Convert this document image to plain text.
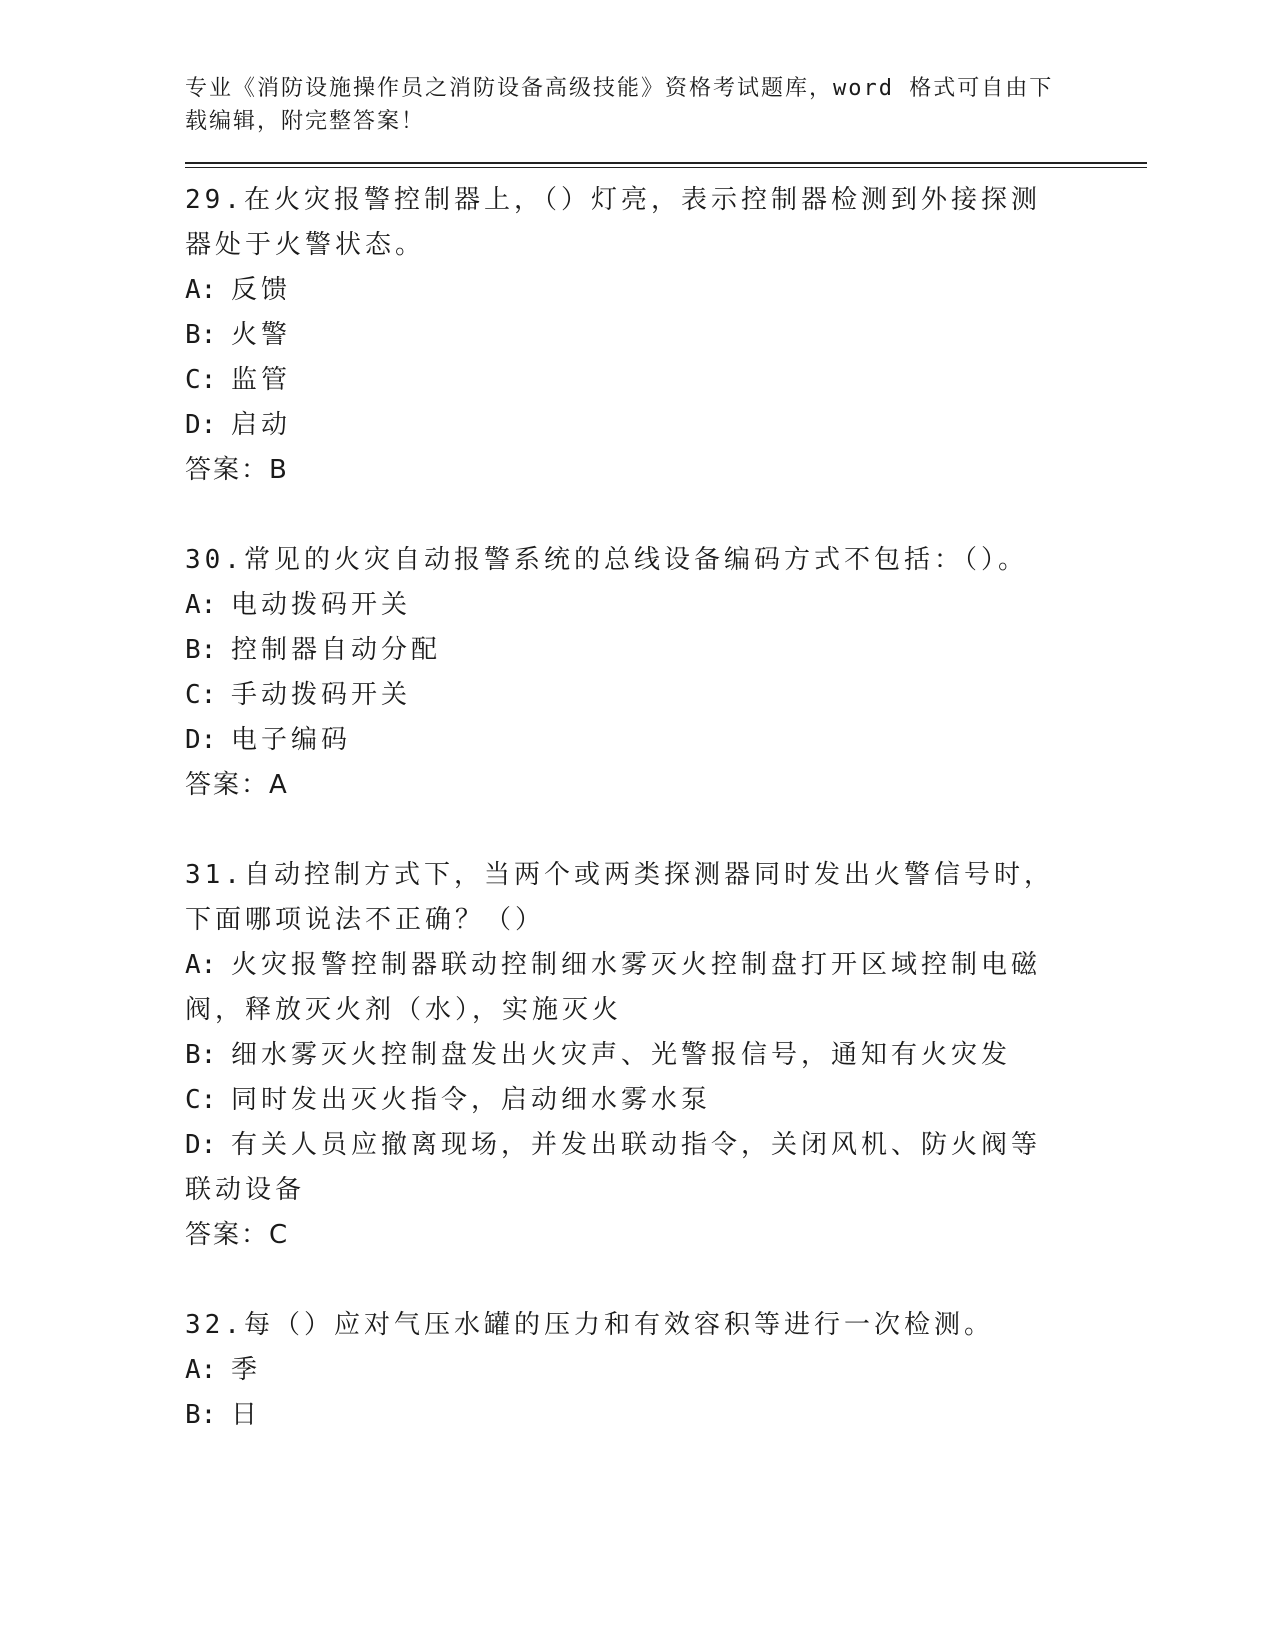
专业《消防设施操作员之消防设备高级技能》资格考试题库，word 格式可自由下
载编辑，附完整答案！

29.在火灾报警控制器上，（）灯亮，表示控制器检测到外接探测器处于火警状态。

A: 反馈

B: 火警

C: 监管

D: 启动

答案：B

30.常见的火灾自动报警系统的总线设备编码方式不包括：（）。

A: 电动拨码开关

B: 控制器自动分配

C: 手动拨码开关

D: 电子编码

答案：A

31.自动控制方式下，当两个或两类探测器同时发出火警信号时，下面哪项说法不正确？（）

A: 火灾报警控制器联动控制细水雾灭火控制盘打开区域控制电磁阀，释放灭火剂（水），实施灭火

B: 细水雾灭火控制盘发出火灾声、光警报信号，通知有火灾发

C: 同时发出灭火指令，启动细水雾水泵

D: 有关人员应撤离现场，并发出联动指令，关闭风机、防火阀等联动设备

答案：C

32.每（）应对气压水罐的压力和有效容积等进行一次检测。

A: 季

B: 日
